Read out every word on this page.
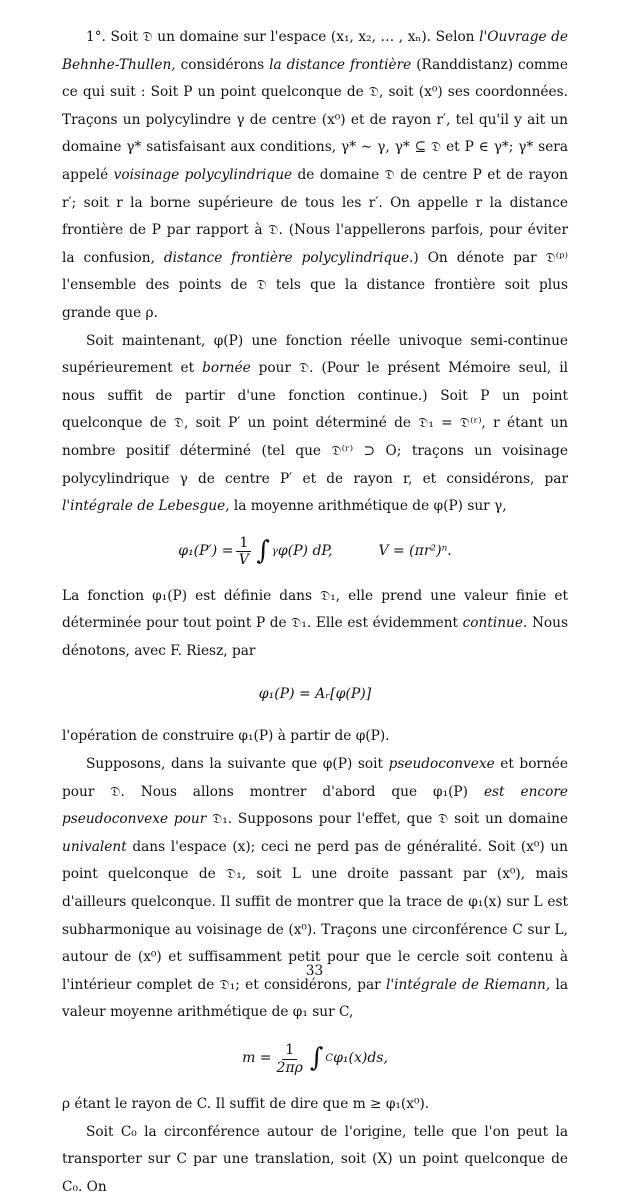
1°. Soit 𝔇 un domaine sur l'espace (x₁, x₂, … , xₙ). Selon l'Ouvrage de Behnhe-Thullen, considérons la distance frontière (Randdistanz) comme ce qui suit : Soit P un point quelconque de 𝔇, soit (x⁰) ses coordonnées. Traçons un polycylindre γ de centre (x⁰) et de rayon r′, tel qu'il y ait un domaine γ* satisfaisant aux conditions, γ* ∼ γ, γ* ⊆ 𝔇 et P ∈ γ*; γ* sera appelé voisinage polycylindrique de domaine 𝔇 de centre P et de rayon r′; soit r la borne supérieure de tous les r′. On appelle r la distance frontière de P par rapport à 𝔇. (Nous l'appellerons parfois, pour éviter la confusion, distance frontière polycylindrique.) On dénote par 𝔇⁽ᵖ⁾ l'ensemble des points de 𝔇 tels que la distance frontière soit plus grande que ρ.

Soit maintenant, φ(P) une fonction réelle univoque semi-continue supérieurement et bornée pour 𝔇. (Pour le présent Mémoire seul, il nous suffit de partir d'une fonction continue.) Soit P un point quelconque de 𝔇, soit P′ un point déterminé de 𝔇₁ = 𝔇⁽ʳ⁾, r étant un nombre positif déterminé (tel que 𝔇⁽ʳ⁾ ⊃ O; traçons un voisinage polycylindrique γ de centre P′ et de rayon r, et considérons, par l'intégrale de Lebesgue, la moyenne arithmétique de φ(P) sur γ,

$\varphi_1(P') = \frac{1}{V}$ ∫ γ φ(P) dP,	V = (πr²)ⁿ.

La fonction φ₁(P) est définie dans 𝔇₁, elle prend une valeur finie et déterminée pour tout point P de 𝔇₁. Elle est évidemment continue. Nous dénotons, avec F. Riesz, par

φ₁(P) = Aᵣ[φ(P)]

l'opération de construire φ₁(P) à partir de φ(P).

Supposons, dans la suivante que φ(P) soit pseudoconvexe et bornée pour 𝔇. Nous allons montrer d'abord que φ₁(P) est encore pseudoconvexe pour 𝔇₁. Supposons pour l'effet, que 𝔇 soit un domaine univalent dans l'espace (x); ceci ne perd pas de généralité. Soit (x⁰) un point quelconque de 𝔇₁, soit L une droite passant par (x⁰), mais d'ailleurs quelconque. Il suffit de montrer que la trace de φ₁(x) sur L est subharmonique au voisinage de (x⁰). Traçons une circonférence C sur L, autour de (x⁰) et suffisamment petit pour que le cercle soit contenu à l'intérieur complet de 𝔇₁; et considérons, par l'intégrale de Riemann, la valeur moyenne arithmétique de φ₁ sur C,

$m = \frac{1}{2\pi\rho}$ ∫ C φ₁(x)ds,

ρ étant le rayon de C. Il suffit de dire que m ≥ φ₁(x⁰).

Soit C₀ la circonférence autour de l'origine, telle que l'on peut la transporter sur C par une translation, soit (X) un point quelconque de C₀. On

33
